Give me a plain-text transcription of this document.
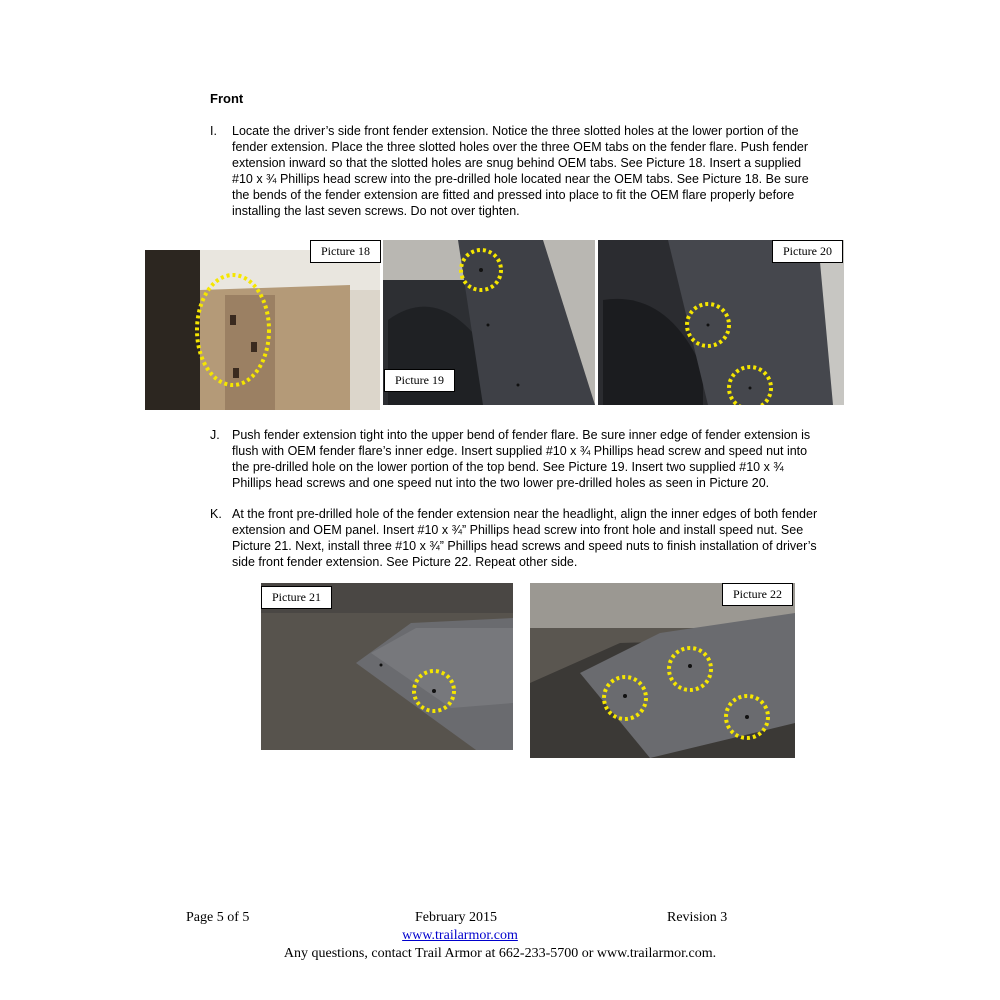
Front
I.	Locate the driver’s side front fender extension. Notice the three slotted holes at the lower portion of the fender extension. Place the three slotted holes over the three OEM tabs on the fender flare. Push fender extension inward so that the slotted holes are snug behind OEM tabs. See Picture 18. Insert a supplied #10 x ¾ Phillips head screw into the pre-drilled hole located near the OEM tabs. See Picture 18. Be sure the bends of the fender extension are fitted and pressed into place to fit the OEM flare properly before installing the last seven screws. Do not over tighten.
Picture 18
Picture 19
Picture 20
J. Push fender extension tight into the upper bend of fender flare. Be sure inner edge of fender extension is flush with OEM fender flare’s inner edge. Insert supplied #10 x ¾ Phillips head screw and speed nut into the pre-drilled hole on the lower portion of the top bend. See Picture 19. Insert two supplied #10 x ¾ Phillips head screws and one speed nut into the two lower pre-drilled holes as seen in Picture 20.
K. At the front pre-drilled hole of the fender extension near the headlight, align the inner edges of both fender extension and OEM panel. Insert #10 x ¾” Phillips head screw into front hole and install speed nut. See Picture 21. Next, install three #10 x ¾” Phillips head screws and speed nuts to finish installation of driver’s side front fender extension. See Picture 22. Repeat other side.
Picture 21	Picture 22
Page 5 of 5	February 2015	Revision 3
www.trailarmor.com
Any questions, contact Trail Armor at 662-233-5700 or www.trailarmor.com.
